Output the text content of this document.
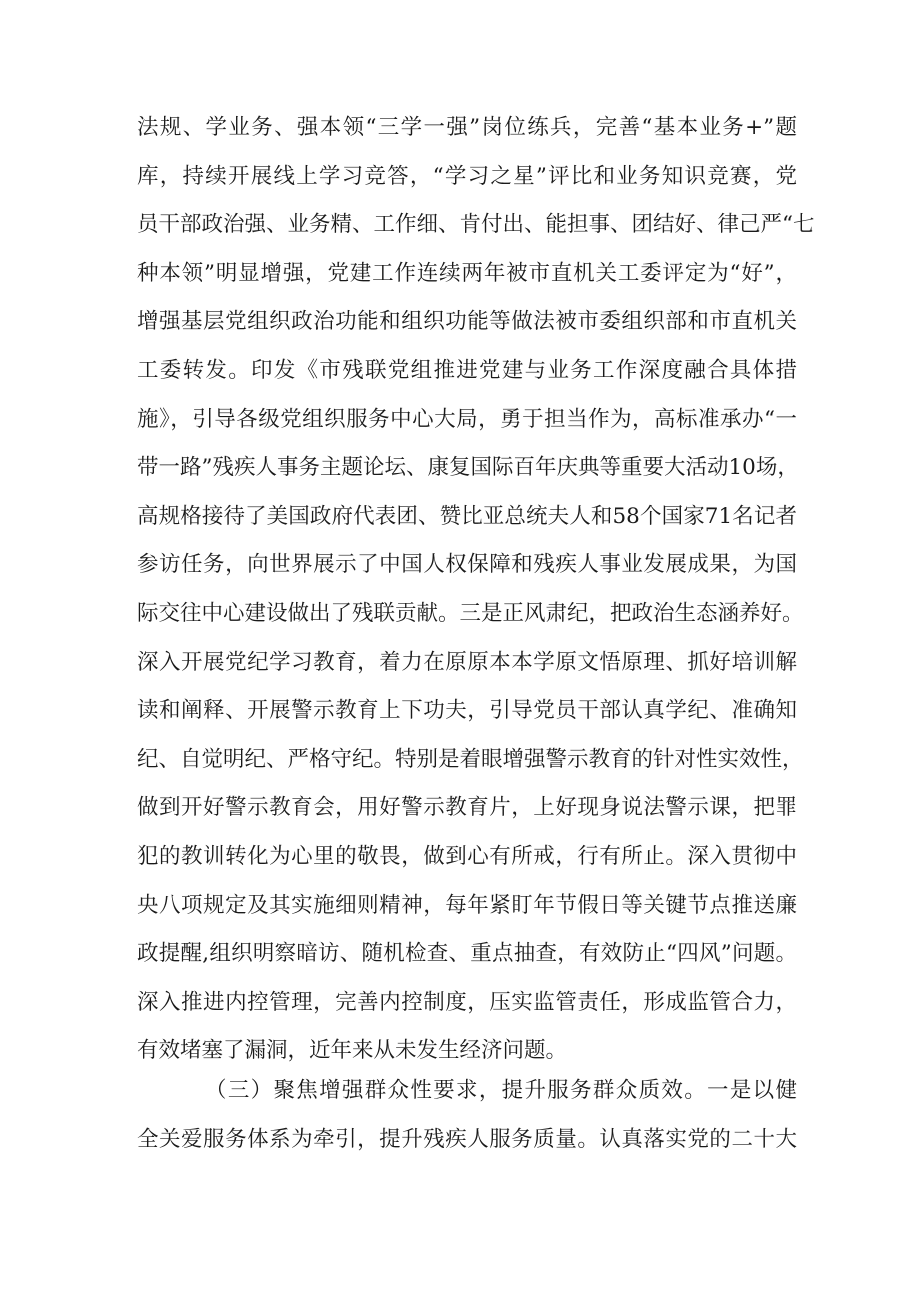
法规、学业务、强本领“三学一强”岗位练兵，完善“基本业务+”题
库，持续开展线上学习竞答，“学习之星”评比和业务知识竞赛，党
员干部政治强、业务精、工作细、肯付出、能担事、团结好、律己严“七
种本领”明显增强，党建工作连续两年被市直机关工委评定为“好”，
增强基层党组织政治功能和组织功能等做法被市委组织部和市直机关
工委转发。印发《市残联党组推进党建与业务工作深度融合具体措
施》，引导各级党组织服务中心大局，勇于担当作为，高标准承办“一
带一路”残疾人事务主题论坛、康复国际百年庆典等重要大活动10场，
高规格接待了美国政府代表团、赞比亚总统夫人和58个国家71名记者
参访任务，向世界展示了中国人权保障和残疾人事业发展成果，为国
际交往中心建设做出了残联贡献。三是正风肃纪，把政治生态涵养好。
深入开展党纪学习教育，着力在原原本本学原文悟原理、抓好培训解
读和阐释、开展警示教育上下功夫，引导党员干部认真学纪、准确知
纪、自觉明纪、严格守纪。特别是着眼增强警示教育的针对性实效性，
做到开好警示教育会，用好警示教育片，上好现身说法警示课，把罪
犯的教训转化为心里的敬畏，做到心有所戒，行有所止。深入贯彻中
央八项规定及其实施细则精神，每年紧盯年节假日等关键节点推送廉
政提醒,组织明察暗访、随机检查、重点抽查，有效防止“四风”问题。
深入推进内控管理，完善内控制度，压实监管责任，形成监管合力，
有效堵塞了漏洞，近年来从未发生经济问题。
（三）聚焦增强群众性要求，提升服务群众质效。一是以健
全关爱服务体系为牵引，提升残疾人服务质量。认真落实党的二十大
